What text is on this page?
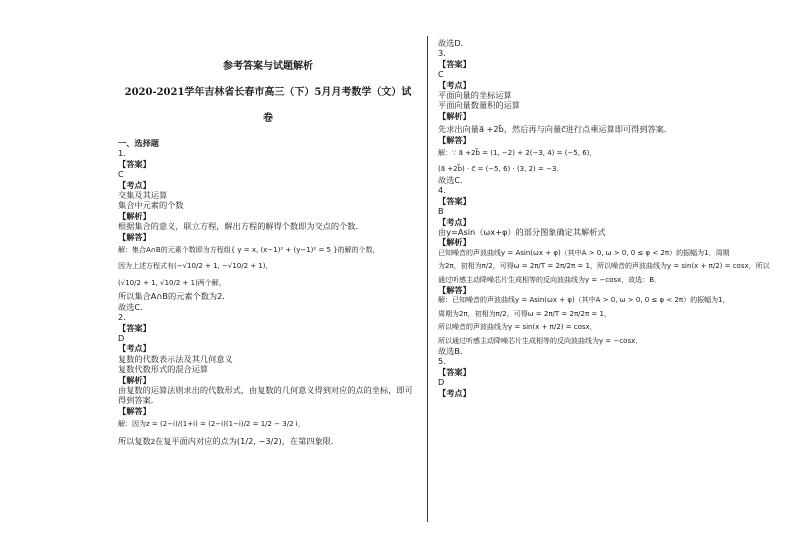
参考答案与试题解析
2020-2021学年吉林省长春市高三（下）5月月考数学（文）试
卷
一、选择题
1.
【答案】
C
【考点】
交集及其运算
集合中元素的个数
【解析】
根据集合的意义，联立方程，解出方程的解得个数即为交点的个数．
【解答】
解：集合A∩B的元素个数即为方程组{ y = x, (x−1)² + (y−1)² = 5 }的解的个数，
因为上述方程式有(−√10/2 + 1, −√10/2 + 1)，
(√10/2 + 1, √10/2 + 1)两个解，
所以集合A∩B的元素个数为2．
故选C．
2.
【答案】
D
【考点】
复数的代数表示法及其几何意义
复数代数形式的混合运算
【解析】
由复数的运算法则求出的代数形式，由复数的几何意义得到对应的点的坐标，即可
得到答案．
【解答】
解：因为z = (2−i)/(1+i) = (2−i)(1−i)/2 = 1/2 − 3/2 i，
所以复数z在复平面内对应的点为(1/2, −3/2)，在第四象限．
故选D．
3.
【答案】
C
【考点】
平面向量的坐标运算
平面向量数量积的运算
【解析】
先求出向量a⃗ +2b⃗，然后再与向量c⃗进行点乘运算即可得到答案．
【解答】
解：∵ a⃗ +2b⃗ = (1, −2) + 2(−3, 4) = (−5, 6)，
(a⃗ +2b⃗) · c⃗ = (−5, 6) · (3, 2) = −3．
故选C．
4.
【答案】
B
【考点】
由y=Asin（ωx+φ）的部分图象确定其解析式
【解析】
已知噪音的声波曲线y = Asin(ωx + φ)（其中A > 0, ω > 0, 0 ≤ φ < 2π）的振幅为1，周期
为2π，初相为π/2，可得ω = 2π/T = 2π/2π = 1，所以噪音的声波曲线为y = sin(x + π/2) = cosx，所以
通过听感主动降噪芯片生成相等的反向波曲线为y = −cosx，故选：B．
【解答】
解：已知噪音的声波曲线y = Asin(ωx + φ)（其中A > 0, ω > 0, 0 ≤ φ < 2π）的振幅为1，
周期为2π，初相为π/2，可得ω = 2π/T = 2π/2π = 1，
所以噪音的声波曲线为y = sin(x + π/2) = cosx，
所以通过听感主动降噪芯片生成相等的反向波曲线为y = −cosx．
故选B．
5.
【答案】
D
【考点】
